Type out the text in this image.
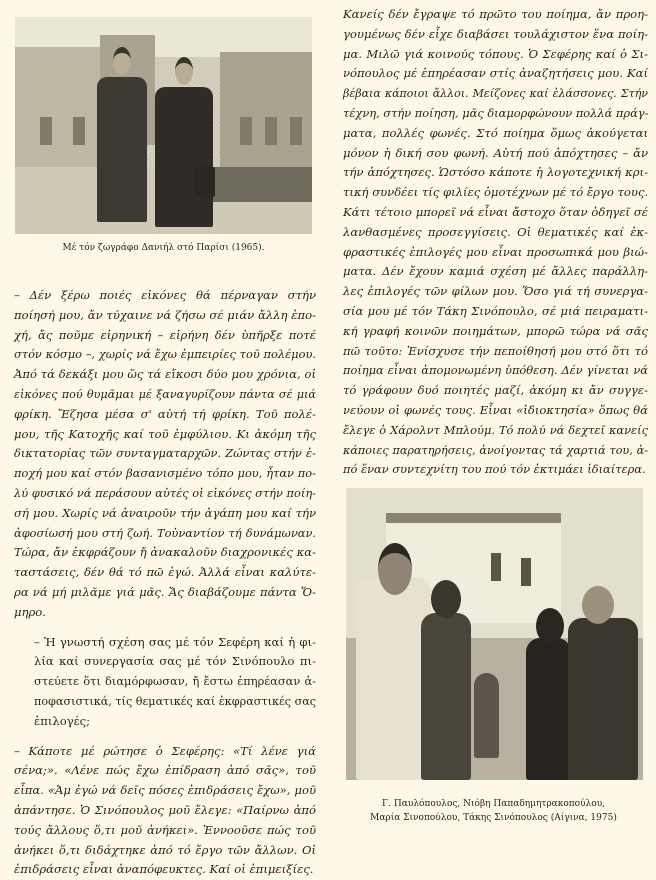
Μέ τόν ζωγράφο Δανιήλ στό Παρίσι (1965).

– Δέν ξέρω ποιές εἰκόνες θά πέρναγαν στήν
ποίησή μου, ἄν τύχαινε νά ζήσω σέ μιάν ἄλλη ἐπο-
χή, ἄς ποῦμε εἰρηνική – εἰρήνη δέν ὑπῆρξε ποτέ
στόν κόσμο –, χωρίς νά ἔχω ἐμπειρίες τοῦ πολέμου.
Ἀπό τά δεκάξι μου ὥς τά εἴκοσι δύο μου χρόνια, οἱ
εἰκόνες πού θυμᾶμαι μέ ξαναγυρίζουν πάντα σέ μιά
φρίκη. Ἔζησα μέσα σ' αὐτή τή φρίκη. Τοῦ πολέ-
μου, τῆς Κατοχῆς καί τοῦ ἐμφύλιου. Κι ἀκόμη τῆς
δικτατορίας τῶν συνταγματαρχῶν. Ζώντας στήν ἐ-
ποχή μου καί στόν βασανισμένο τόπο μου, ἦταν πο-
λύ φυσικό νά περάσουν αὐτές οἱ εἰκόνες στήν ποίη-
σή μου. Χωρίς νά ἀναιροῦν τήν ἀγάπη μου καί τήν
ἀφοσίωσή μου στή ζωή. Τοὐναντίον τή δυνάμωναν.
Τώρα, ἄν ἐκφράζουν ἤ ἀνακαλοῦν διαχρονικές κα-
ταστάσεις, δέν θά τό πῶ ἐγώ. Ἀλλά εἶναι καλύτε-
ρα νά μή μιλᾶμε γιά μᾶς. Ἄς διαβάζουμε πάντα Ὅ-
μηρο.

– Ἡ γνωστή σχέση σας μέ τόν Σεφέρη καί ἡ φι-
λία καί συνεργασία σας μέ τόν Σινόπουλο πι-
στεύετε ὅτι διαμόρφωσαν, ἤ ἔστω ἐπηρέασαν ἀ-
ποφασιστικά, τίς θεματικές καί ἐκφραστικές σας
ἐπιλογές;

– Κάποτε μέ ρώτησε ὁ Σεφέρης: «Τί λένε γιά
σένα;». «Λένε πώς ἔχω ἐπίδραση ἀπό σᾶς», τοῦ
εἶπα. «Ἀμ ἐγώ νά δεῖς πόσες ἐπιδράσεις ἔχω», μοῦ
ἀπάντησε. Ὁ Σινόπουλος μοῦ ἔλεγε: «Παίρνω ἀπό
τούς ἄλλους ὅ,τι μοῦ ἀνήκει». Ἐννοοῦσε πώς τοῦ
ἀνήκει ὅ,τι διδάχτηκε ἀπό τό ἔργο τῶν ἄλλων. Οἱ
ἐπιδράσεις εἶναι ἀναπόφευκτες. Καί οἱ ἐπιμειξίες.

Κανείς δέν ἔγραψε τό πρῶτο του ποίημα, ἄν προη-
γουμένως δέν εἶχε διαβάσει τουλάχιστον ἕνα ποίη-
μα. Μιλῶ γιά κοινούς τόπους. Ὁ Σεφέρης καί ὁ Σι-
νόπουλος μέ ἐπηρέασαν στίς ἀναζητήσεις μου. Καί
βέβαια κάποιοι ἄλλοι. Μείζονες καί ἐλάσσονες. Στήν
τέχνη, στήν ποίηση, μᾶς διαμορφώνουν πολλά πράγ-
ματα, πολλές φωνές. Στό ποίημα ὅμως ἀκούγεται
μόνον ἡ δική σου φωνή. Αὐτή πού ἀπόχτησες – ἄν
τήν ἀπόχτησες. Ὡστόσο κάποτε ἡ λογοτεχνική κρι-
τική συνδέει τίς φιλίες ὁμοτέχνων μέ τό ἔργο τους.
Κάτι τέτοιο μπορεῖ νά εἶναι ἄστοχο ὅταν ὁδηγεῖ σέ
λανθασμένες προσεγγίσεις. Οἱ θεματικές καί ἐκ-
φραστικές ἐπιλογές μου εἶναι προσωπικά μου βιώ-
ματα. Δέν ἔχουν καμιά σχέση μέ ἄλλες παράλλη-
λες ἐπιλογές τῶν φίλων μου. Ὅσο γιά τή συνεργα-
σία μου μέ τόν Τάκη Σινόπουλο, σέ μιά πειραματι-
κή γραφή κοινῶν ποιημάτων, μπορῶ τώρα νά σᾶς
πῶ τοῦτο: Ἐνίσχυσε τήν πεποίθησή μου στό ὅτι τό
ποίημα εἶναι ἀπομονωμένη ὑπόθεση. Δέν γίνεται νά
τό γράφουν δυό ποιητές μαζί, ἀκόμη κι ἄν συγγε-
νεύουν οἱ φωνές τους. Εἶναι «ἰδιοκτησία» ὅπως θά
ἔλεγε ὁ Χάρολντ Μπλούμ. Τό πολύ νά δεχτεῖ κανείς
κάποιες παρατηρήσεις, ἀνοίγοντας τά χαρτιά του, ἀ-
πό ἕναν συντεχνίτη του πού τόν ἐκτιμάει ἰδιαίτερα.

Γ. Παυλόπουλος, Νιόβη Παπαδημητρακοπούλου,
Μαρία Σινοπούλου, Τάκης Σινόπουλος (Αίγινα, 1975)
